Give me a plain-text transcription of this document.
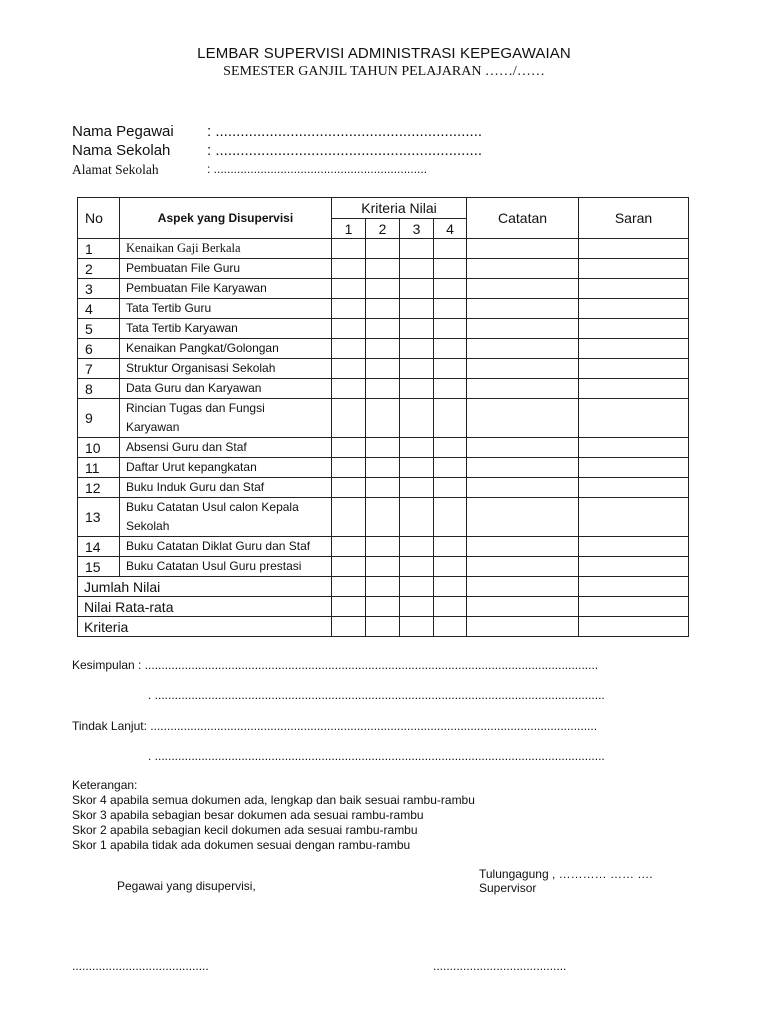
LEMBAR SUPERVISI ADMINISTRASI KEPEGAWAIAN
SEMESTER GANJIL TAHUN PELAJARAN ……/……
Nama Pegawai : ................................................................
Nama Sekolah : ................................................................
Alamat Sekolah	: ................................................................
No	Aspek yang Disupervisi	Kriteria Nilai				Catatan	Saran
		1	2	3	4		
1	Kenaikan Gaji Berkala						

2	Pembuatan File Guru						

3	Pembuatan File Karyawan						

4	Tata Tertib Guru						

5	Tata Tertib Karyawan						

6	Kenaikan Pangkat/Golongan						

7	Struktur Organisasi Sekolah						

8	Data Guru dan Karyawan						

9	Rincian Tugas dan Fungsi
Karyawan						

10	Absensi Guru dan Staf						

11	Daftar Urut kepangkatan						

12	Buku Induk Guru dan Staf						

13	Buku Catatan Usul calon Kepala
Sekolah						

14	Buku Catatan Diklat Guru dan Staf						

15	Buku Catatan Usul Guru prestasi						

Jumlah Nilai							
Nilai Rata-rata							
Kriteria							
Kesimpulan : ........................................................................................................................................
. .......................................................................................................................................
Tindak Lanjut: ......................................................................................................................................
. .......................................................................................................................................
Keterangan:
Skor 4 apabila semua dokumen ada, lengkap dan baik sesuai rambu-rambu
Skor 3 apabila sebagian besar dokumen ada sesuai rambu-rambu
Skor 2 apabila sebagian kecil dokumen ada sesuai rambu-rambu
Skor 1 apabila tidak ada dokumen sesuai dengan rambu-rambu
Tulungagung , ………… …… ….
Supervisor
Pegawai yang disupervisi,
.........................................	........................................
